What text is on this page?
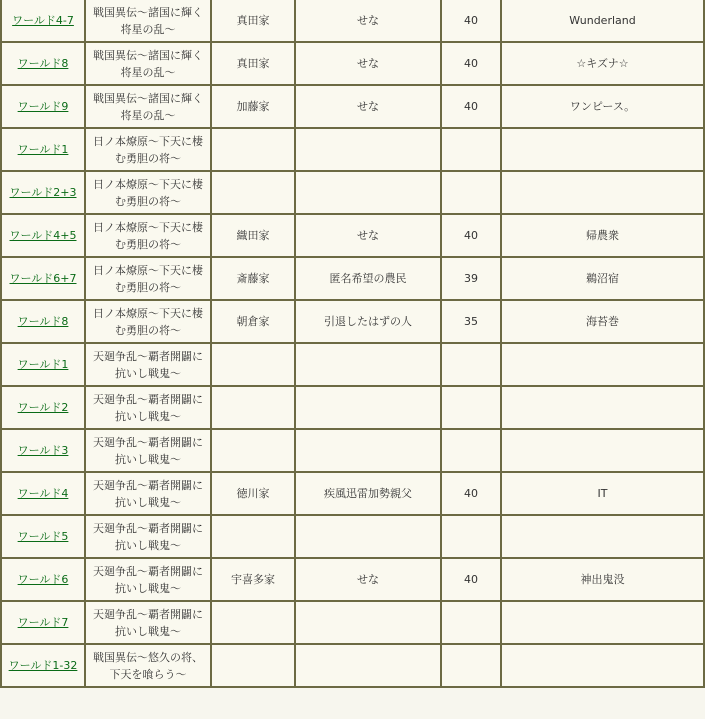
ワールド4-7	戦国異伝～諸国に輝く将星の乱～	真田家	せな	40	Wunderland
ワールド8	戦国異伝～諸国に輝く将星の乱～	真田家	せな	40	☆キズナ☆
ワールド9	戦国異伝～諸国に輝く将星の乱～	加藤家	せな	40	ワンピース。
ワールド1	日ノ本燎原～下天に棲む勇胆の将～				
ワールド2+3	日ノ本燎原～下天に棲む勇胆の将～				
ワールド4+5	日ノ本燎原～下天に棲む勇胆の将～	織田家	せな	40	帰農衆
ワールド6+7	日ノ本燎原～下天に棲む勇胆の将～	斎藤家	匿名希望の農民	39	鵜沼宿
ワールド8	日ノ本燎原～下天に棲む勇胆の将～	朝倉家	引退したはずの人	35	海苔巻
ワールド1	天廻争乱～覇者開闢に抗いし戦鬼～				
ワールド2	天廻争乱～覇者開闢に抗いし戦鬼～				
ワールド3	天廻争乱～覇者開闢に抗いし戦鬼～				
ワールド4	天廻争乱～覇者開闢に抗いし戦鬼～	徳川家	疾風迅雷加勢親父	40	IT
ワールド5	天廻争乱～覇者開闢に抗いし戦鬼～				
ワールド6	天廻争乱～覇者開闢に抗いし戦鬼～	宇喜多家	せな	40	神出鬼没
ワールド7	天廻争乱～覇者開闢に抗いし戦鬼～				
ワールド1-32	戦国異伝～悠久の将、下天を喰らう～				
